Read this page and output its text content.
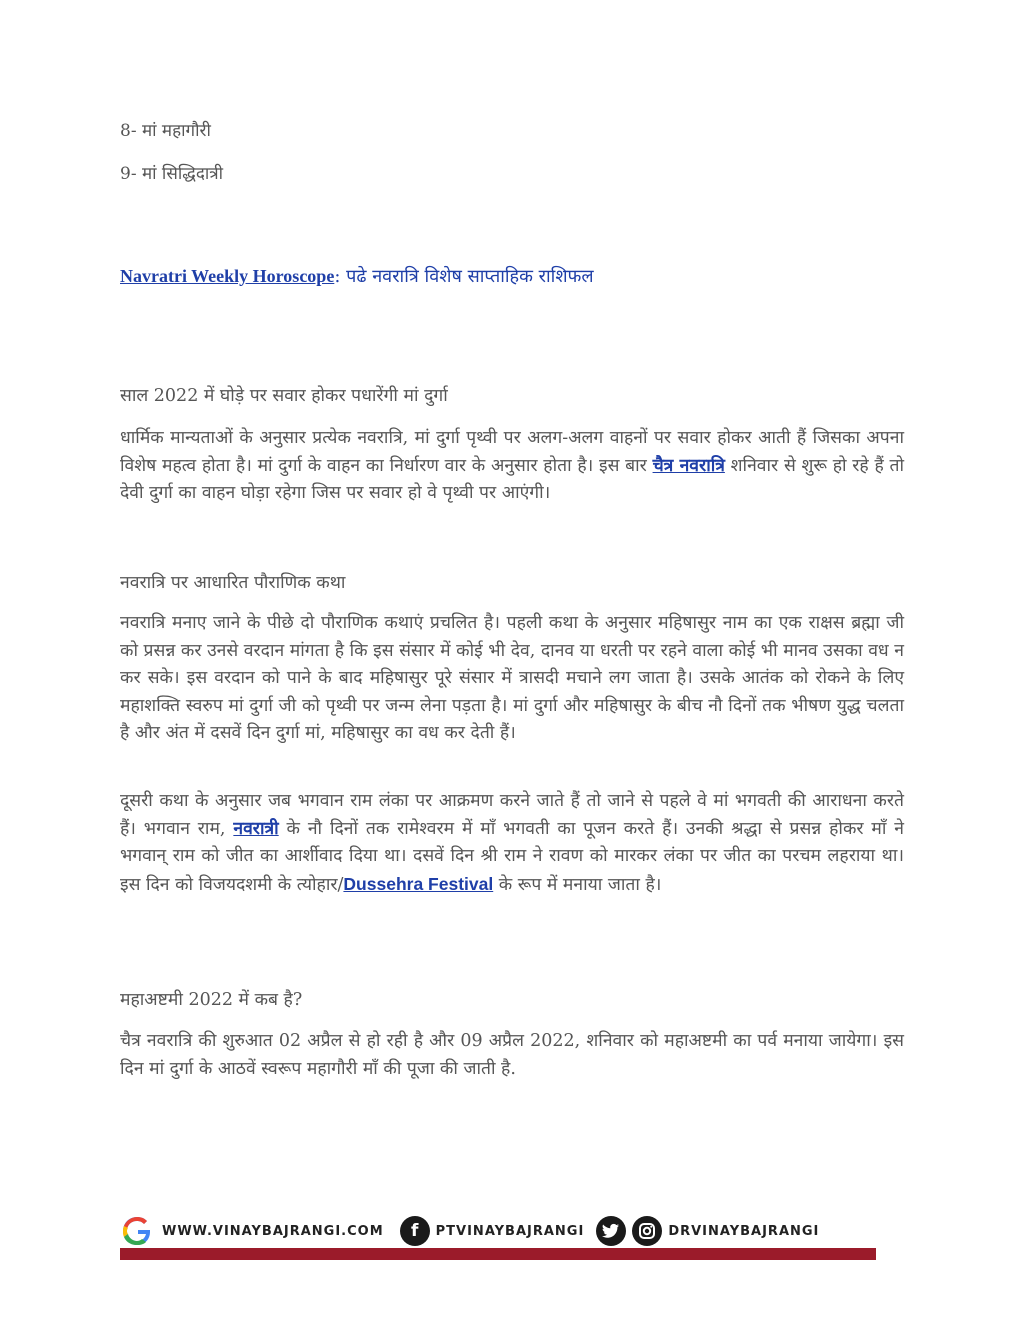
8- मां महागौरी
9- मां सिद्धिदात्री
Navratri Weekly Horoscope: पढे नवरात्रि विशेष साप्ताहिक राशिफल
साल 2022 में घोड़े पर सवार होकर पधारेंगी मां दुर्गा
धार्मिक मान्यताओं के अनुसार प्रत्येक नवरात्रि, मां दुर्गा पृथ्वी पर अलग-अलग वाहनों पर सवार होकर आती हैं जिसका अपना विशेष महत्व होता है। मां दुर्गा के वाहन का निर्धारण वार के अनुसार होता है। इस बार चैत्र नवरात्रि शनिवार से शुरू हो रहे हैं तो देवी दुर्गा का वाहन घोड़ा रहेगा जिस पर सवार हो वे पृथ्वी पर आएंगी।
नवरात्रि पर आधारित पौराणिक कथा
नवरात्रि मनाए जाने के पीछे दो पौराणिक कथाएं प्रचलित है। पहली कथा के अनुसार महिषासुर नाम का एक राक्षस ब्रह्मा जी को प्रसन्न कर उनसे वरदान मांगता है कि इस संसार में कोई भी देव, दानव या धरती पर रहने वाला कोई भी मानव उसका वध न कर सके। इस वरदान को पाने के बाद महिषासुर पूरे संसार में त्रासदी मचाने लग जाता है। उसके आतंक को रोकने के लिए महाशक्ति स्वरुप मां दुर्गा जी को पृथ्वी पर जन्म लेना पड़ता है। मां दुर्गा और महिषासुर के बीच नौ दिनों तक भीषण युद्ध चलता है और अंत में दसवें दिन दुर्गा मां, महिषासुर का वध कर देती हैं।
दूसरी कथा के अनुसार जब भगवान राम लंका पर आक्रमण करने जाते हैं तो जाने से पहले वे मां भगवती की आराधना करते हैं। भगवान राम, नवरात्री के नौ दिनों तक रामेश्वरम में माँ भगवती का पूजन करते हैं। उनकी श्रद्धा से प्रसन्न होकर माँ ने भगवान् राम को जीत का आर्शीवाद दिया था। दसवें दिन श्री राम ने रावण को मारकर लंका पर जीत का परचम लहराया था। इस दिन को विजयदशमी के त्योहार/Dussehra Festival के रूप में मनाया जाता है।
महाअष्टमी 2022 में कब है?
चैत्र नवरात्रि की शुरुआत 02 अप्रैल से हो रही है और 09 अप्रैल 2022, शनिवार को महाअष्टमी का पर्व मनाया जायेगा। इस दिन मां दुर्गा के आठवें स्वरूप महागौरी माँ की पूजा की जाती है.
WWW.VINAYBAJRANGI.COM	f	PTVINAYBAJRANGI	DRVINAYBAJRANGI
